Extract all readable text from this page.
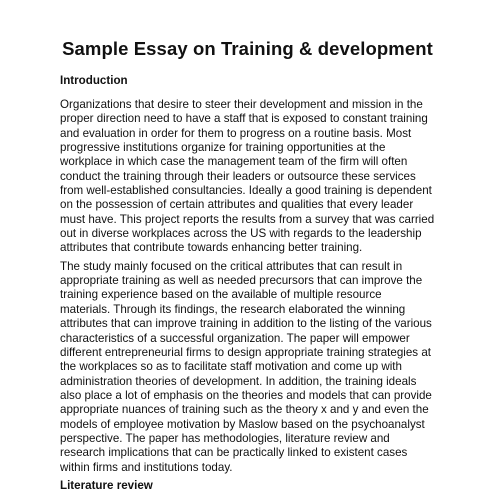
Sample Essay on Training & development
Introduction

Organizations that desire to steer their development and mission in the proper direction need to have a staff that is exposed to constant training and evaluation in order for them to progress on a routine basis. Most progressive institutions organize for training opportunities at the workplace in which case the management team of the firm will often conduct the training through their leaders or outsource these services from well-established consultancies. Ideally a good training is dependent on the possession of certain attributes and qualities that every leader must have. This project reports the results from a survey that was carried out in diverse workplaces across the US with regards to the leadership attributes that contribute towards enhancing better training.

The study mainly focused on the critical attributes that can result in appropriate training as well as needed precursors that can improve the training experience based on the available of multiple resource materials. Through its findings, the research elaborated the winning attributes that can improve training in addition to the listing of the various characteristics of a successful organization. The paper will empower different entrepreneurial firms to design appropriate training strategies at the workplaces so as to facilitate staff motivation and come up with administration theories of development. In addition, the training ideals also place a lot of emphasis on the theories and models that can provide appropriate nuances of training such as the theory x and y and even the models of employee motivation by Maslow based on the psychoanalyst perspective. The paper has methodologies, literature review and research implications that can be practically linked to existent cases within firms and institutions today.

Literature review
